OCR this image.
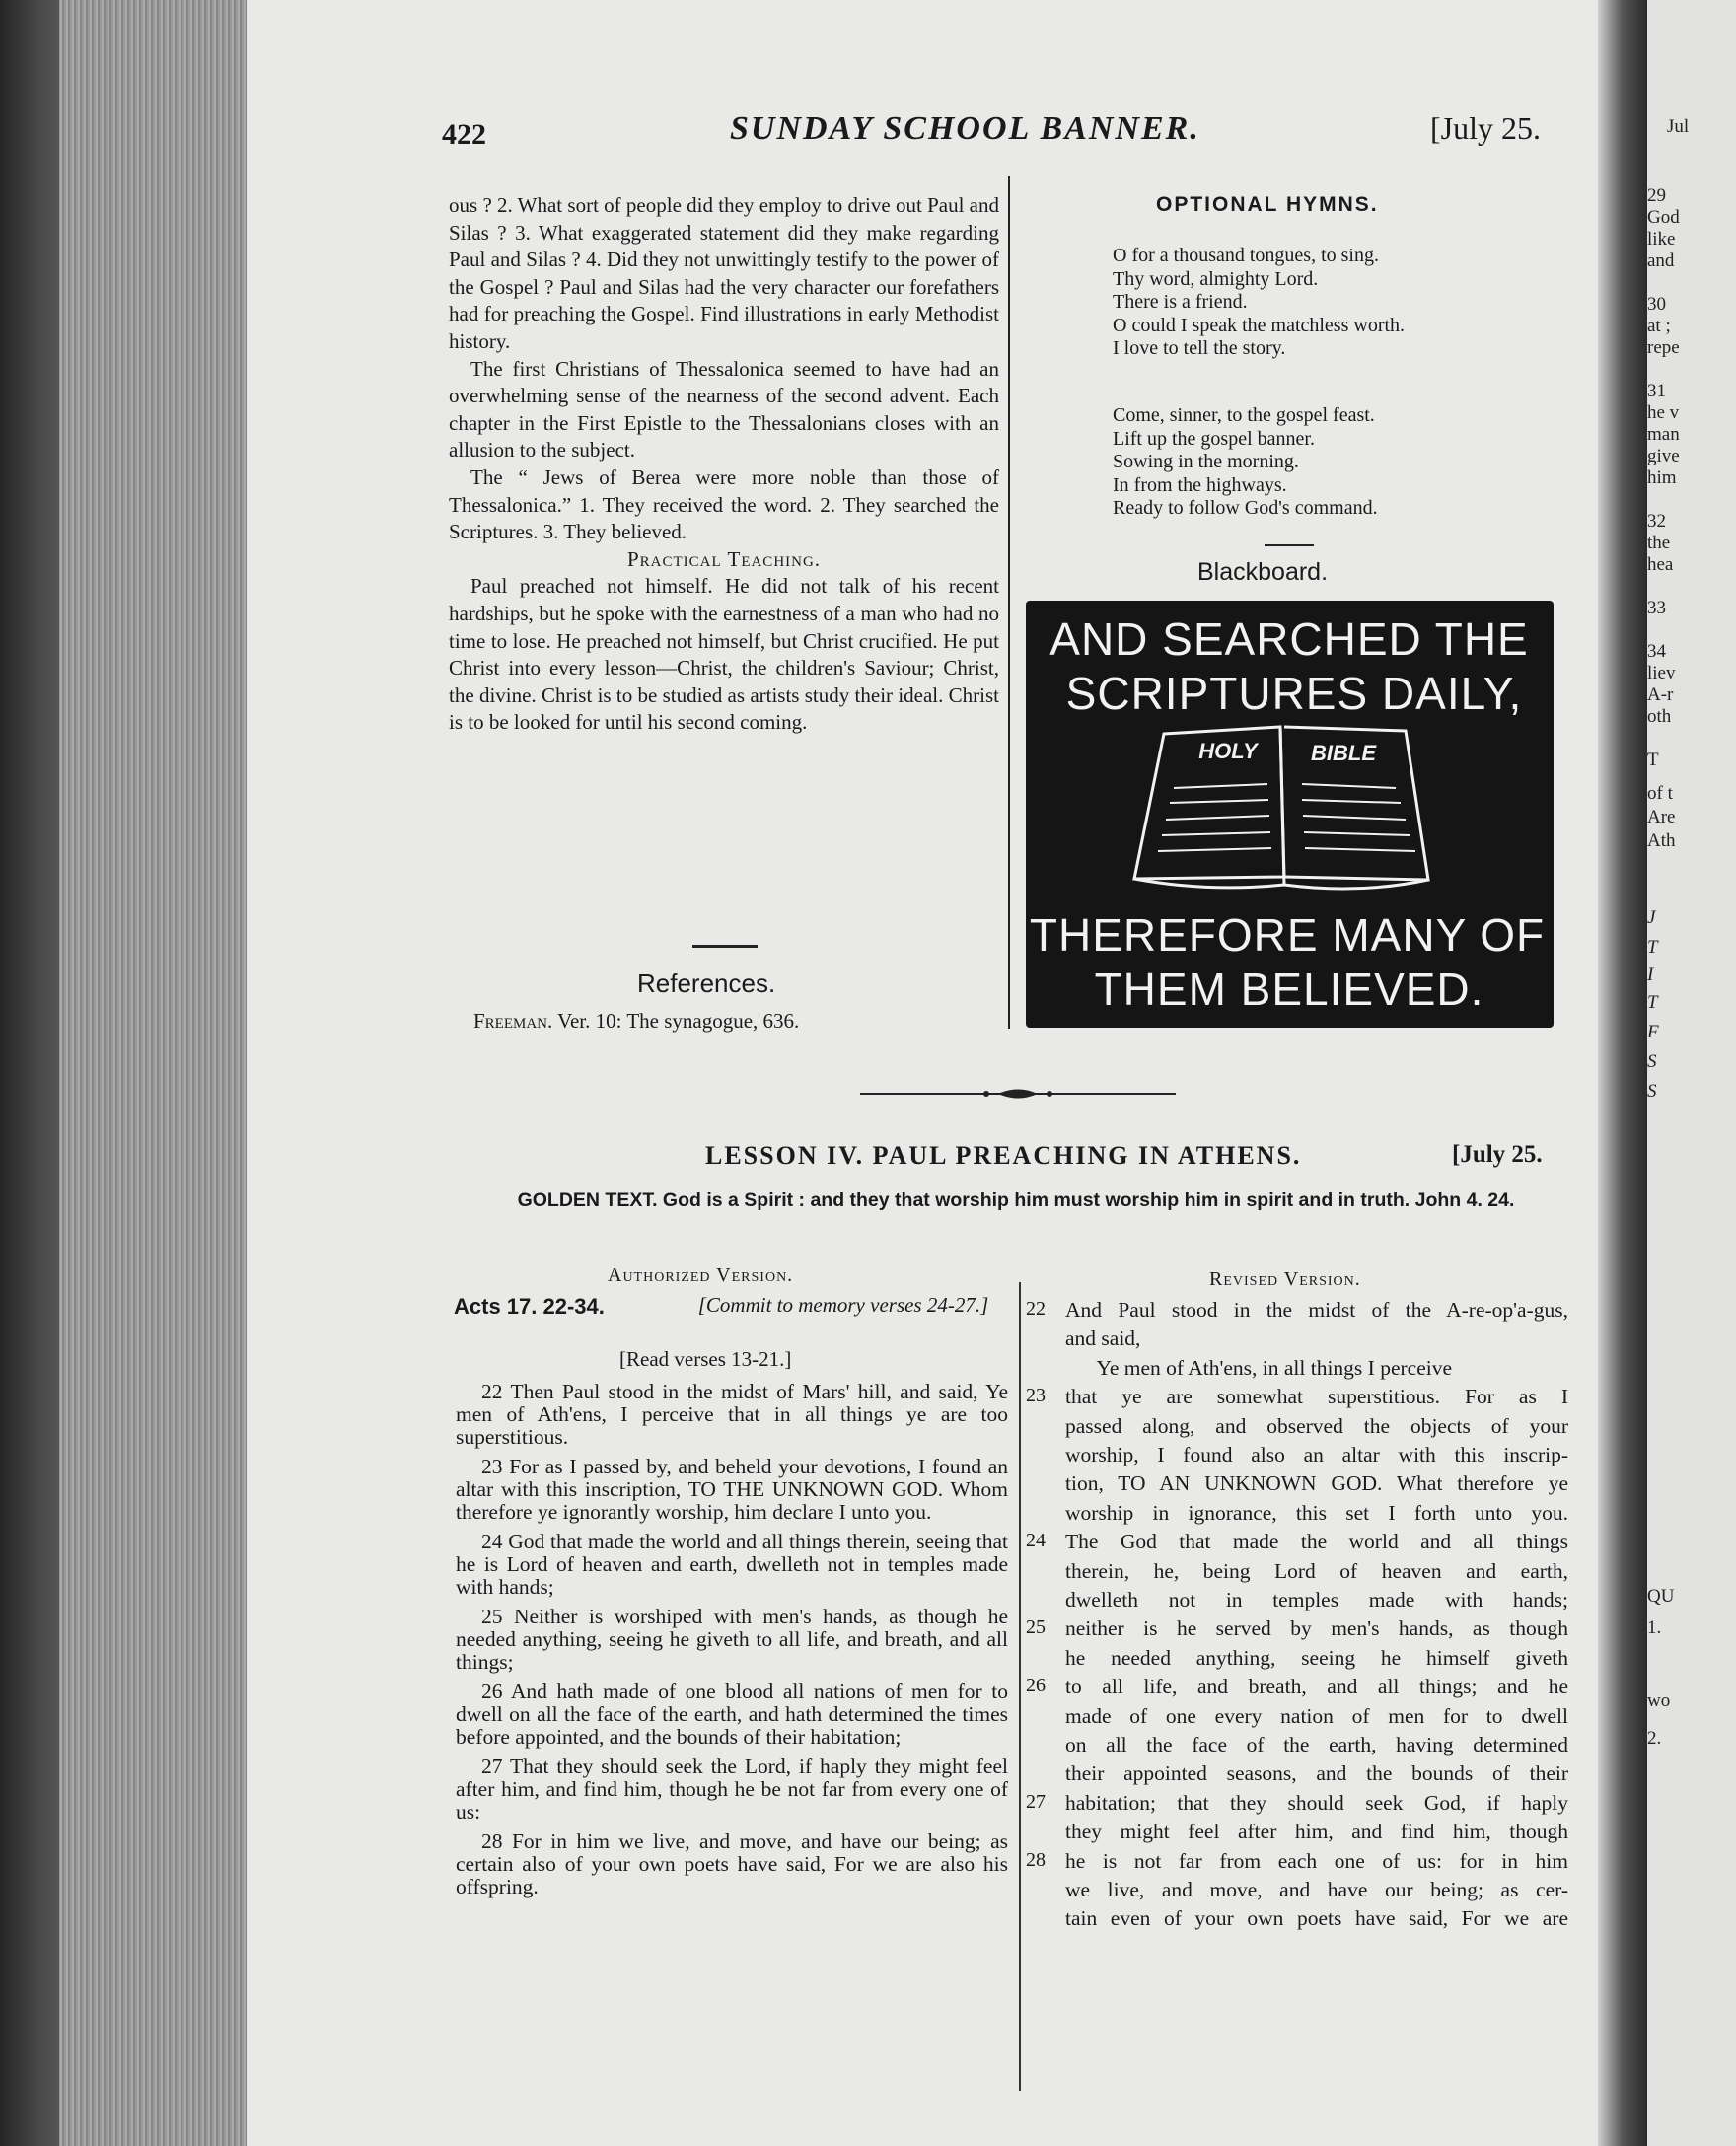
422	SUNDAY SCHOOL BANNER.	[July 25.

ous ? 2. What sort of people did they employ to drive out Paul and Silas ? 3. What exaggerated statement did they make regarding Paul and Silas ? 4. Did they not unwittingly testify to the power of the Gospel ? Paul and Silas had the very character our forefathers had for preaching the Gospel. Find illustrations in early Methodist history.

The first Christians of Thessalonica seemed to have had an overwhelming sense of the nearness of the second advent. Each chapter in the First Epistle to the Thessalonians closes with an allusion to the subject.

The “ Jews of Berea were more noble than those of Thessalonica.” 1. They received the word. 2. They searched the Scriptures. 3. They believed.

Practical Teaching.

Paul preached not himself. He did not talk of his recent hardships, but he spoke with the earnestness of a man who had no time to lose. He preached not himself, but Christ crucified. He put Christ into every lesson—Christ, the children's Saviour; Christ, the divine. Christ is to be studied as artists study their ideal. Christ is to be looked for until his second coming.

References.
Freeman. Ver. 10: The synagogue, 636.
OPTIONAL HYMNS.
O for a thousand tongues, to sing.
Thy word, almighty Lord.
There is a friend.
O could I speak the matchless worth.
I love to tell the story.
Come, sinner, to the gospel feast.
Lift up the gospel banner.
Sowing in the morning.
In from the highways.
Ready to follow God's command.
Blackboard.
AND SEARCHED THE
SCRIPTURES DAILY,
THEREFORE MANY OF
THEM BELIEVED.
HOLY BIBLE
LESSON IV. PAUL PREACHING IN ATHENS.	[July 25.
GOLDEN TEXT. God is a Spirit : and they that worship him must worship him in spirit and in truth. John 4. 24.
Authorized Version.
Acts 17. 22-34.	[Commit to memory verses 24-27.]
[Read verses 13-21.]

22 Then Paul stood in the midst of Mars' hill, and said, Ye men of Ath'ens, I perceive that in all things ye are too superstitious.

23 For as I passed by, and beheld your devotions, I found an altar with this inscription, TO THE UNKNOWN GOD. Whom therefore ye ignorantly worship, him declare I unto you.

24 God that made the world and all things therein, seeing that he is Lord of heaven and earth, dwelleth not in temples made with hands;

25 Neither is worshiped with men's hands, as though he needed anything, seeing he giveth to all life, and breath, and all things;

26 And hath made of one blood all nations of men for to dwell on all the face of the earth, and hath determined the times before appointed, and the bounds of their habitation;

27 That they should seek the Lord, if haply they might feel after him, and find him, though he be not far from every one of us:

28 For in him we live, and move, and have our being; as certain also of your own poets have said, For we are also his offspring.

Revised Version.
22 And Paul stood in the midst of the A-re-op'a-gus,
and said,
Ye men of Ath'ens, in all things I perceive
23 that ye are somewhat superstitious. For as I
passed along, and observed the objects of your
worship, I found also an altar with this inscrip-
tion, TO AN UNKNOWN GOD. What therefore ye
worship in ignorance, this set I forth unto you.
24 The God that made the world and all things
therein, he, being Lord of heaven and earth,
dwelleth not in temples made with hands;
25 neither is he served by men's hands, as though
he needed anything, seeing he himself giveth
26 to all life, and breath, and all things; and he
made of one every nation of men for to dwell
on all the face of the earth, having determined
their appointed seasons, and the bounds of their
27 habitation; that they should seek God, if haply
they might feel after him, and find him, though
28 he is not far from each one of us: for in him
we live, and move, and have our being; as cer-
tain even of your own poets have said, For we are
Jul
29
God
like
and
30
at ;
repe
31
he v
man
give
him
32
the
hea
33
34
liev
A-r
oth
T
of t
Are
Ath
J
T
I
T
F
S
S
QU
1.
wo
2.
